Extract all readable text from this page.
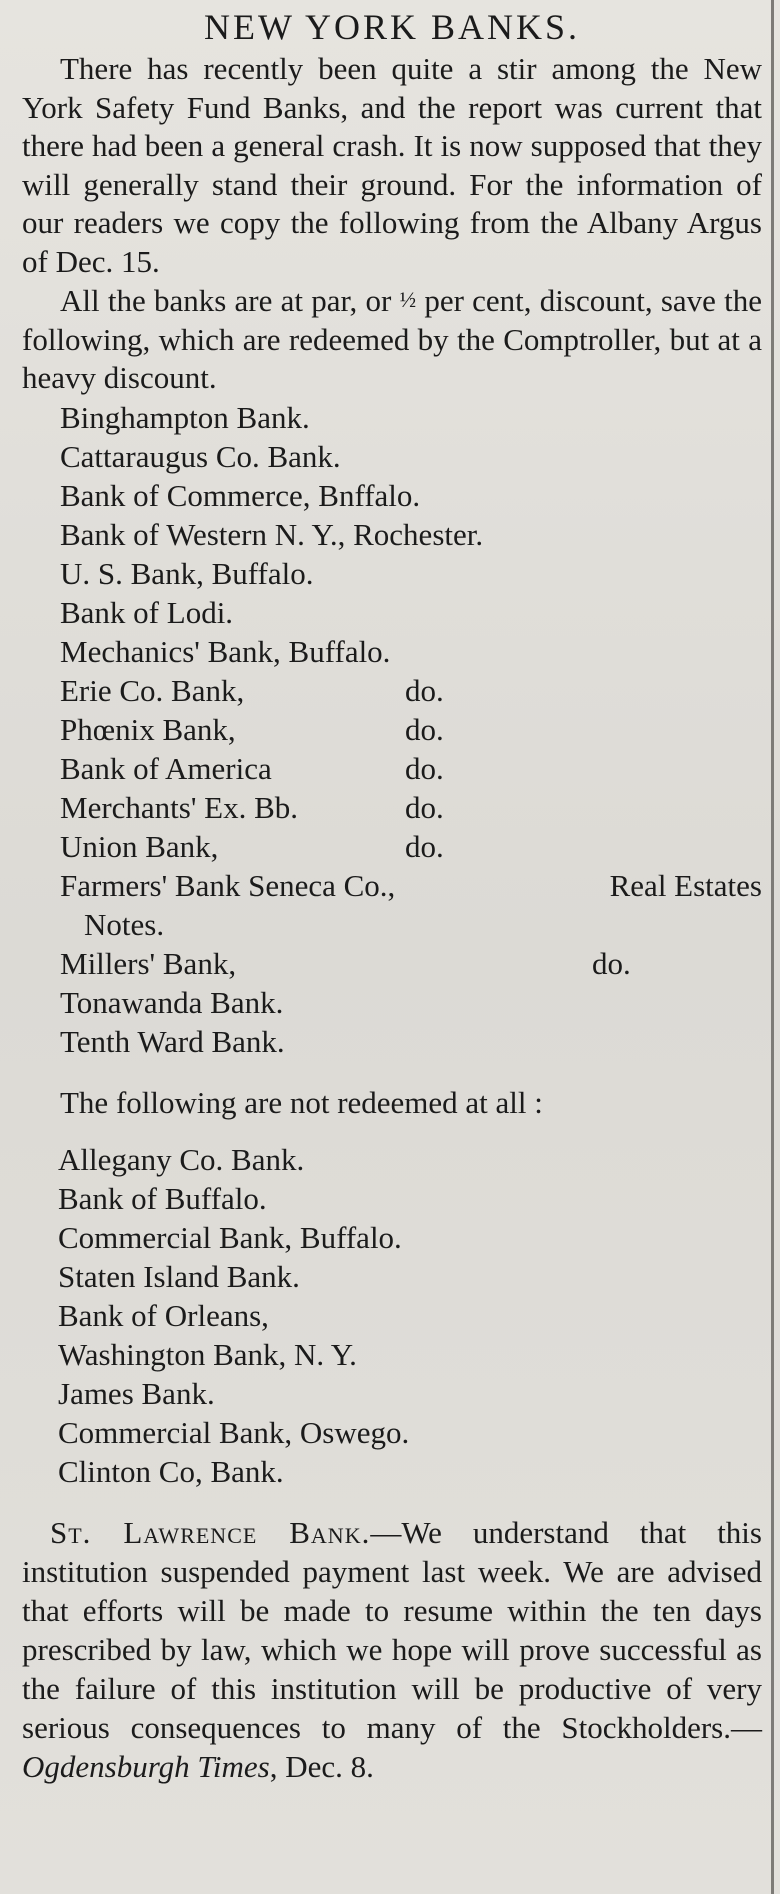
NEW YORK BANKS.

There has recently been quite a stir among the New York Safety Fund Banks, and the report was current that there had been a general crash. It is now supposed that they will generally stand their ground. For the information of our readers we copy the following from the Albany Argus of Dec. 15.

All the banks are at par, or ½ per cent, discount, save the following, which are redeemed by the Comptroller, but at a heavy discount.

Binghampton Bank.
Cattaraugus Co. Bank.
Bank of Commerce, Bnffalo.
Bank of Western N. Y., Rochester.
U. S. Bank, Buffalo.
Bank of Lodi.
Mechanics' Bank, Buffalo.
Erie Co. Bank,	do.
Phœnix Bank,	do.
Bank of America	do.
Merchants' Ex. Bb.	do.
Union Bank,	do.
Farmers' Bank Seneca Co.,	Real Estates
Notes.
Millers' Bank,	do.
Tonawanda Bank.
Tenth Ward Bank.

The following are not redeemed at all :

Allegany Co. Bank.
Bank of Buffalo.
Commercial Bank, Buffalo.
Staten Island Bank.
Bank of Orleans,
Washington Bank, N. Y.
James Bank.
Commercial Bank, Oswego.
Clinton Co, Bank.

St. Lawrence Bank.—We understand that this institution suspended payment last week. We are advised that efforts will be made to resume within the ten days prescribed by law, which we hope will prove successful as the failure of this institution will be productive of very serious consequences to many of the Stockholders.—Ogdensburgh Times, Dec. 8.
